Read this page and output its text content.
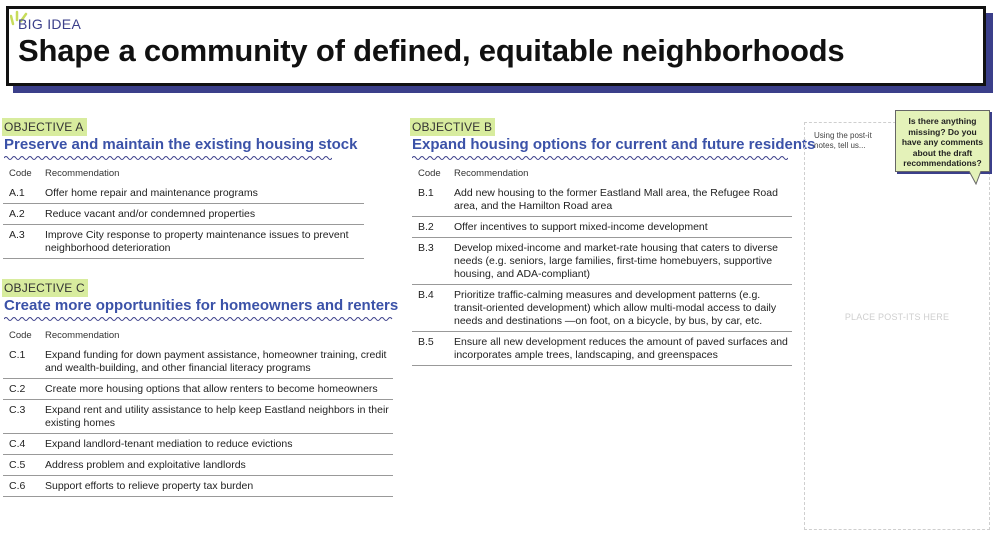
BIG IDEA
Shape a community of defined, equitable neighborhoods
OBJECTIVE A
Preserve and maintain the existing housing stock
Code	Recommendation
A.1	Offer home repair and maintenance programs
A.2	Reduce vacant and/or condemned properties
A.3	Improve City response to property maintenance issues to prevent neighborhood deterioration
OBJECTIVE C
Create more opportunities for homeowners and renters
Code	Recommendation
C.1	Expand funding for down payment assistance, homeowner training, credit and wealth-building, and other financial literacy programs
C.2	Create more housing options that allow renters to become homeowners
C.3	Expand rent and utility assistance to help keep Eastland neighbors in their existing homes
C.4	Expand landlord-tenant mediation to reduce evictions
C.5	Address problem and exploitative landlords
C.6	Support efforts to relieve property tax burden
OBJECTIVE B
Expand housing options for current and future residents
Code	Recommendation
B.1	Add new housing to the former Eastland Mall area, the Refugee Road area, and the Hamilton Road area
B.2	Offer incentives to support mixed-income development
B.3	Develop mixed-income and market-rate housing that caters to diverse needs (e.g. seniors, large families, first-time homebuyers, supportive housing, and ADA-compliant)
B.4	Prioritize traffic-calming measures and development patterns (e.g. transit-oriented development) which allow multi-modal access to daily needs and destinations —on foot, on a bicycle, by bus, by car, etc.
B.5	Ensure all new development reduces the amount of paved surfaces and incorporates ample trees, landscaping, and greenspaces
Using the post-it notes, tell us...
PLACE POST-ITS HERE
Is there anything missing? Do you have any comments about the draft recommendations?
